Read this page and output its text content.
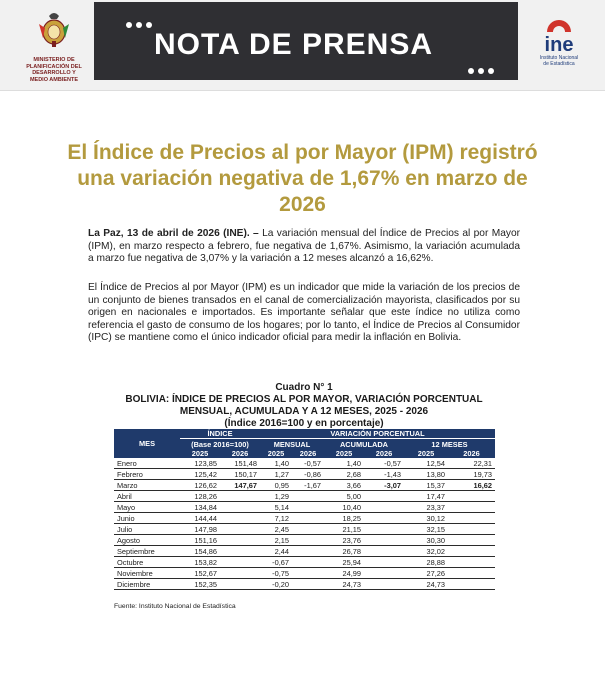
MINISTERIO DE
PLANIFICACIÓN DEL
DESARROLLO Y
MEDIO AMBIENTE
NOTA DE PRENSA	ine
Instituto Nacional
de Estadística
El Índice de Precios al por Mayor (IPM) registró una variación negativa de 1,67% en marzo de 2026
La Paz, 13 de abril de 2026 (INE). – La variación mensual del Índice de Precios al por Mayor (IPM), en marzo respecto a febrero, fue negativa de 1,67%. Asimismo, la variación acumulada a marzo fue negativa de 3,07% y la variación a 12 meses alcanzó a 16,62%.
El Índice de Precios al por Mayor (IPM) es un indicador que mide la variación de los precios de un conjunto de bienes transados en el canal de comercialización mayorista, clasificados por su origen en nacionales e importados. Es importante señalar que este índice no utiliza como referencia el gasto de consumo de los hogares; por lo tanto, el Índice de Precios al Consumidor (IPC) se mantiene como el único indicador oficial para medir la inflación en Bolivia.
Cuadro N° 1
BOLIVIA: ÍNDICE DE PRECIOS AL POR MAYOR, VARIACIÓN PORCENTUAL
MENSUAL, ACUMULADA Y A 12 MESES, 2025 - 2026
(Índice 2016=100 y en porcentaje)
MES	ÍNDICE		VARIACIÓN PORCENTUAL					
	(Base 2016=100)		MENSUAL		ACUMULADA		12 MESES	
	2025	2026	2025	2026	2025	2026	2025	2026
Enero	123,85	151,48	1,40	-0,57	1,40	-0,57	12,54	22,31
Febrero	125,42	150,17	1,27	-0,86	2,68	-1,43	13,80	19,73
Marzo	126,62	147,67	0,95	-1,67	3,66	-3,07	15,37	16,62
Abril	128,26		1,29		5,00		17,47	
Mayo	134,84		5,14		10,40		23,37	
Junio	144,44		7,12		18,25		30,12	
Julio	147,98		2,45		21,15		32,15	
Agosto	151,16		2,15		23,76		30,30	
Septiembre	154,86		2,44		26,78		32,02	
Octubre	153,82		-0,67		25,94		28,88	
Noviembre	152,67		-0,75		24,99		27,26	
Diciembre	152,35		-0,20		24,73		24,73	
Fuente: Instituto Nacional de Estadística
